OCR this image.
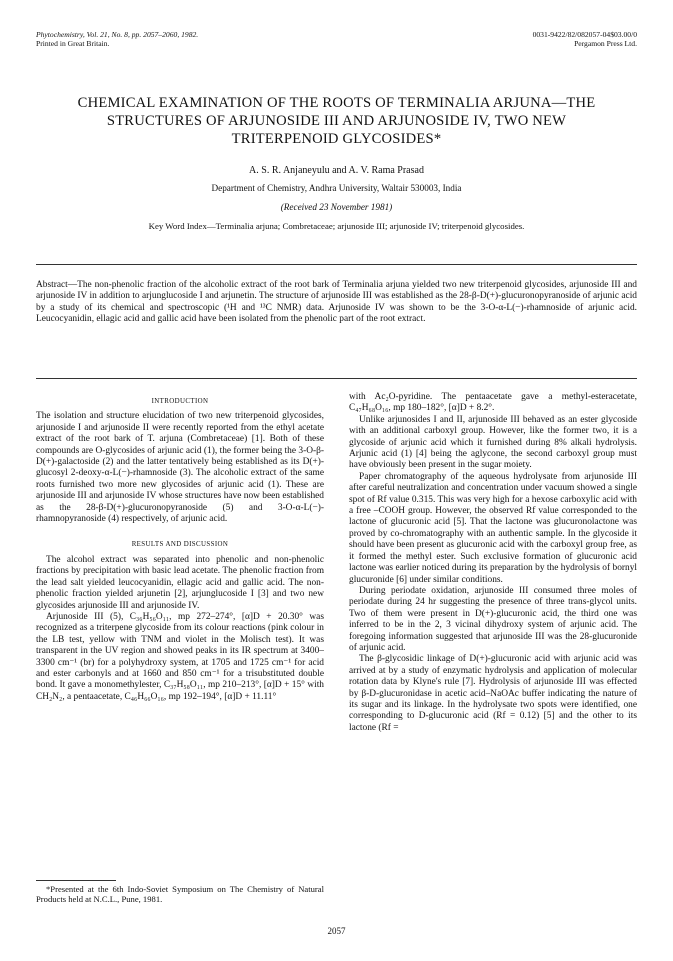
Phytochemistry, Vol. 21, No. 8, pp. 2057–2060, 1982.
Printed in Great Britain.
0031-9422/82/082057-04$03.00/0
Pergamon Press Ltd.
CHEMICAL EXAMINATION OF THE ROOTS OF TERMINALIA ARJUNA—THE STRUCTURES OF ARJUNOSIDE III AND ARJUNOSIDE IV, TWO NEW TRITERPENOID GLYCOSIDES*
A. S. R. Anjaneyulu and A. V. Rama Prasad
Department of Chemistry, Andhra University, Waltair 530003, India
(Received 23 November 1981)
Key Word Index—Terminalia arjuna; Combretaceae; arjunoside III; arjunoside IV; triterpenoid glycosides.
Abstract—The non-phenolic fraction of the alcoholic extract of the root bark of Terminalia arjuna yielded two new triterpenoid glycosides, arjunoside III and arjunoside IV in addition to arjunglucoside I and arjunetin. The structure of arjunoside III was established as the 28-β-D(+)-glucuronopyranoside of arjunic acid by a study of its chemical and spectroscopic (¹H and ¹³C NMR) data. Arjunoside IV was shown to be the 3-O-α-L(−)-rhamnoside of arjunic acid. Leucocyanidin, ellagic acid and gallic acid have been isolated from the phenolic part of the root extract.
INTRODUCTION

The isolation and structure elucidation of two new triterpenoid glycosides, arjunoside I and arjunoside II were recently reported from the ethyl acetate extract of the root bark of T. arjuna (Combretaceae) [1]. Both of these compounds are O-glycosides of arjunic acid (1), the former being the 3-O-β-D(+)-galactoside (2) and the latter tentatively being established as its D(+)-glucosyl 2-deoxy-α-L(−)-rhamnoside (3). The alcoholic extract of the same roots furnished two more new glycosides of arjunic acid (1). These are arjunoside III and arjunoside IV whose structures have now been established as the 28-β-D(+)-glucuronopyranoside (5) and 3-O-α-L(−)-rhamnopyranoside (4) respectively, of arjunic acid.

RESULTS AND DISCUSSION

The alcohol extract was separated into phenolic and non-phenolic fractions by precipitation with basic lead acetate. The phenolic fraction from the lead salt yielded leucocyanidin, ellagic acid and gallic acid. The non-phenolic fraction yielded arjunetin [2], arjunglucoside I [3] and two new glycosides arjunoside III and arjunoside IV.

Arjunoside III (5), C₃₆H₅₆O₁₁, mp 272–274°, [α]D + 20.30° was recognized as a triterpene glycoside from its colour reactions (pink colour in the LB test, yellow with TNM and violet in the Molisch test). It was transparent in the UV region and showed peaks in its IR spectrum at 3400–3300 cm⁻¹ (br) for a polyhydroxy system, at 1705 and 1725 cm⁻¹ for acid and ester carbonyls and at 1660 and 850 cm⁻¹ for a trisubstituted double bond. It gave a monomethylester, C₃₇H₅₈O₁₁, mp 210–213°, [α]D + 15° with CH₂N₂, a pentaacetate, C₄₆H₆₆O₁₆, mp 192–194°, [α]D + 11.11°

with Ac₂O-pyridine. The pentaacetate gave a methyl-esteracetate, C₄₇H₆₈O₁₆, mp 180–182°, [α]D + 8.2°.

Unlike arjunosides I and II, arjunoside III behaved as an ester glycoside with an additional carboxyl group. However, like the former two, it is a glycoside of arjunic acid which it furnished during 8% alkali hydrolysis. Arjunic acid (1) [4] being the aglycone, the second carboxyl group must have obviously been present in the sugar moiety.

Paper chromatography of the aqueous hydrolysate from arjunoside III after careful neutralization and concentration under vacuum showed a single spot of Rf value 0.315. This was very high for a hexose carboxylic acid with a free –COOH group. However, the observed Rf value corresponded to the lactone of glucuronic acid [5]. That the lactone was glucuronolactone was proved by co-chromatography with an authentic sample. In the glycoside it should have been present as glucuronic acid with the carboxyl group free, as it formed the methyl ester. Such exclusive formation of glucuronic acid lactone was earlier noticed during its preparation by the hydrolysis of bornyl glucuronide [6] under similar conditions.

During periodate oxidation, arjunoside III consumed three moles of periodate during 24 hr suggesting the presence of three trans-glycol units. Two of them were present in D(+)-glucuronic acid, the third one was inferred to be in the 2, 3 vicinal dihydroxy system of arjunic acid. The foregoing information suggested that arjunoside III was the 28-glucuronide of arjunic acid.

The β-glycosidic linkage of D(+)-glucuronic acid with arjunic acid was arrived at by a study of enzymatic hydrolysis and application of molecular rotation data by Klyne's rule [7]. Hydrolysis of arjunoside III was effected by β-D-glucuronidase in acetic acid–NaOAc buffer indicating the nature of its sugar and its linkage. In the hydrolysate two spots were identified, one corresponding to D-glucuronic acid (Rf = 0.12) [5] and the other to its lactone (Rf =

*Presented at the 6th Indo-Soviet Symposium on The Chemistry of Natural Products held at N.C.L., Pune, 1981.
2057
